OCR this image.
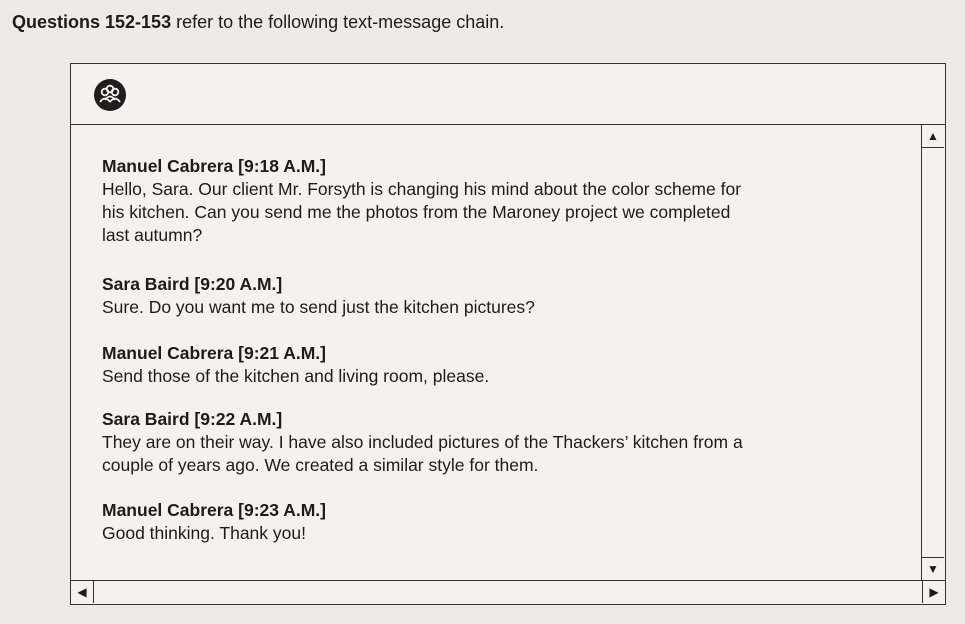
Questions 152-153 refer to the following text-message chain.
Manuel Cabrera [9:18 A.M.]
Hello, Sara. Our client Mr. Forsyth is changing his mind about the color scheme for
his kitchen. Can you send me the photos from the Maroney project we completed
last autumn?
Sara Baird [9:20 A.M.]
Sure. Do you want me to send just the kitchen pictures?
Manuel Cabrera [9:21 A.M.]
Send those of the kitchen and living room, please.
Sara Baird [9:22 A.M.]
They are on their way. I have also included pictures of the Thackers’ kitchen from a
couple of years ago. We created a similar style for them.
Manuel Cabrera [9:23 A.M.]
Good thinking. Thank you!
▲
▼
◀	▶
